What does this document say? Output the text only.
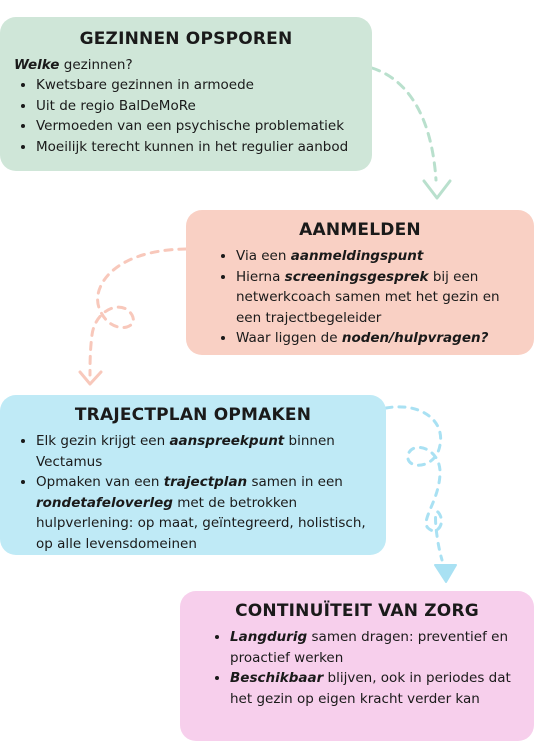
GEZINNEN OPSPOREN
Welke gezinnen?
• Kwetsbare gezinnen in armoede
• Uit de regio BalDeMoRe
• Vermoeden van een psychische problematiek
• Moeilijk terecht kunnen in het regulier aanbod
AANMELDEN
• Via een aanmeldingspunt
• Hierna screeningsgesprek bij een netwerkcoach samen met het gezin en een trajectbegeleider
• Waar liggen de noden/hulpvragen?
TRAJECTPLAN OPMAKEN
• Elk gezin krijgt een aanspreekpunt binnen Vectamus
• Opmaken van een trajectplan samen in een rondetafeloverleg met de betrokken hulpverlening: op maat, geïntegreerd, holistisch, op alle levensdomeinen
CONTINUÏTEIT VAN ZORG
• Langdurig samen dragen: preventief en proactief werken
• Beschikbaar blijven, ook in periodes dat het gezin op eigen kracht verder kan
